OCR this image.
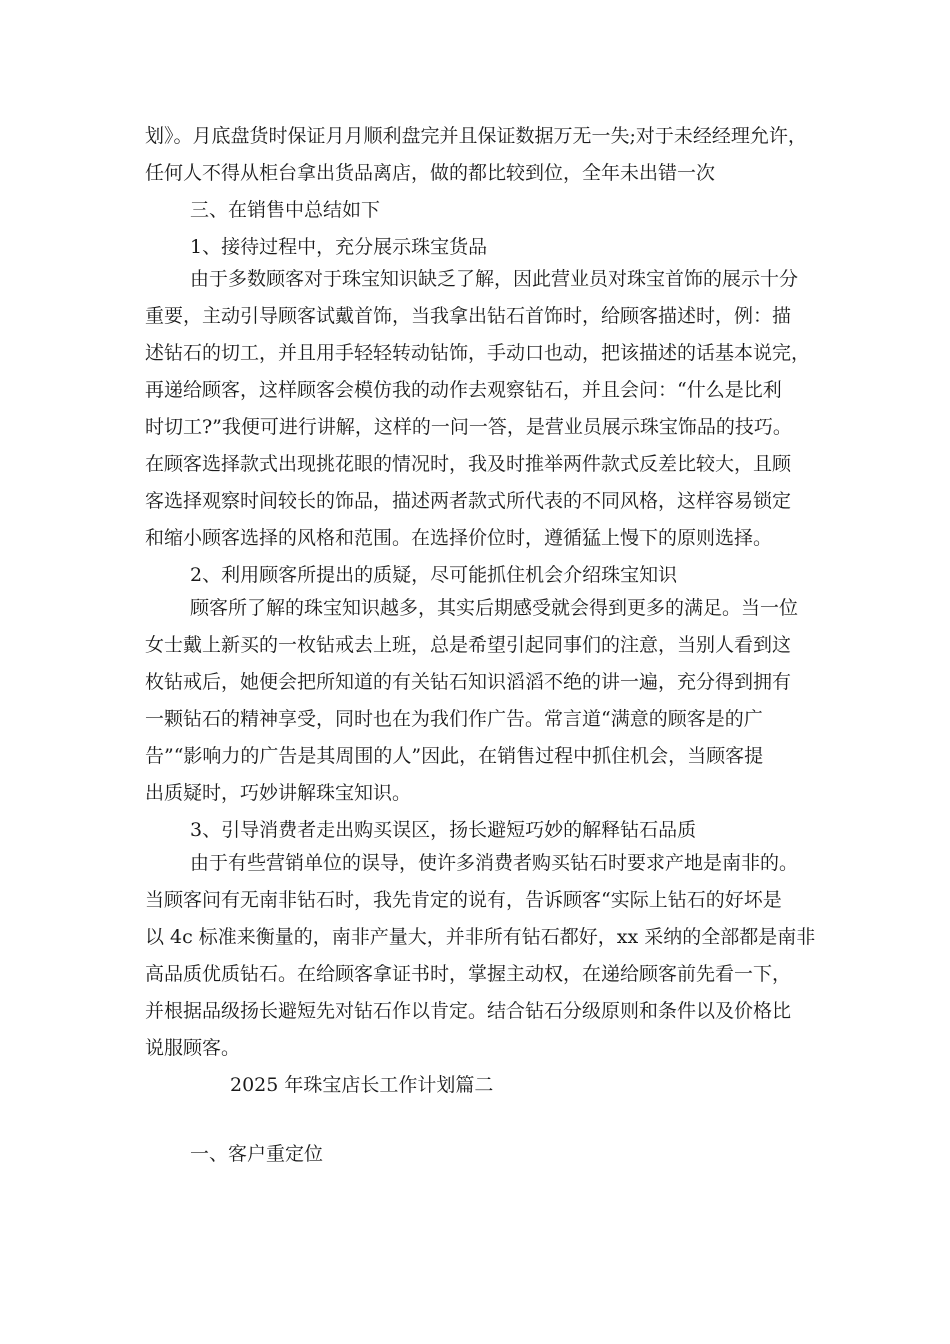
划》。月底盘货时保证月月顺利盘完并且保证数据万无一失;对于未经经理允许，
任何人不得从柜台拿出货品离店，做的都比较到位，全年未出错一次
三、在销售中总结如下
1、接待过程中，充分展示珠宝货品
由于多数顾客对于珠宝知识缺乏了解，因此营业员对珠宝首饰的展示十分
重要，主动引导顾客试戴首饰，当我拿出钻石首饰时，给顾客描述时，例：描
述钻石的切工，并且用手轻轻转动钻饰，手动口也动，把该描述的话基本说完，
再递给顾客，这样顾客会模仿我的动作去观察钻石，并且会问：“什么是比利
时切工?”我便可进行讲解，这样的一问一答，是营业员展示珠宝饰品的技巧。
在顾客选择款式出现挑花眼的情况时，我及时推举两件款式反差比较大，且顾
客选择观察时间较长的饰品，描述两者款式所代表的不同风格，这样容易锁定
和缩小顾客选择的风格和范围。在选择价位时，遵循猛上慢下的原则选择。
2、利用顾客所提出的质疑，尽可能抓住机会介绍珠宝知识
顾客所了解的珠宝知识越多，其实后期感受就会得到更多的满足。当一位
女士戴上新买的一枚钻戒去上班，总是希望引起同事们的注意，当别人看到这
枚钻戒后，她便会把所知道的有关钻石知识滔滔不绝的讲一遍，充分得到拥有
一颗钻石的精神享受，同时也在为我们作广告。常言道“满意的顾客是的广
告”“影响力的广告是其周围的人”因此，在销售过程中抓住机会，当顾客提
出质疑时，巧妙讲解珠宝知识。
3、引导消费者走出购买误区，扬长避短巧妙的解释钻石品质
由于有些营销单位的误导，使许多消费者购买钻石时要求产地是南非的。
当顾客问有无南非钻石时，我先肯定的说有，告诉顾客“实际上钻石的好坏是
以 4c 标准来衡量的，南非产量大，并非所有钻石都好，xx 采纳的全部都是南非
高品质优质钻石。在给顾客拿证书时，掌握主动权，在递给顾客前先看一下，
并根据品级扬长避短先对钻石作以肯定。结合钻石分级原则和条件以及价格比
说服顾客。
2025 年珠宝店长工作计划篇二
一、客户重定位
